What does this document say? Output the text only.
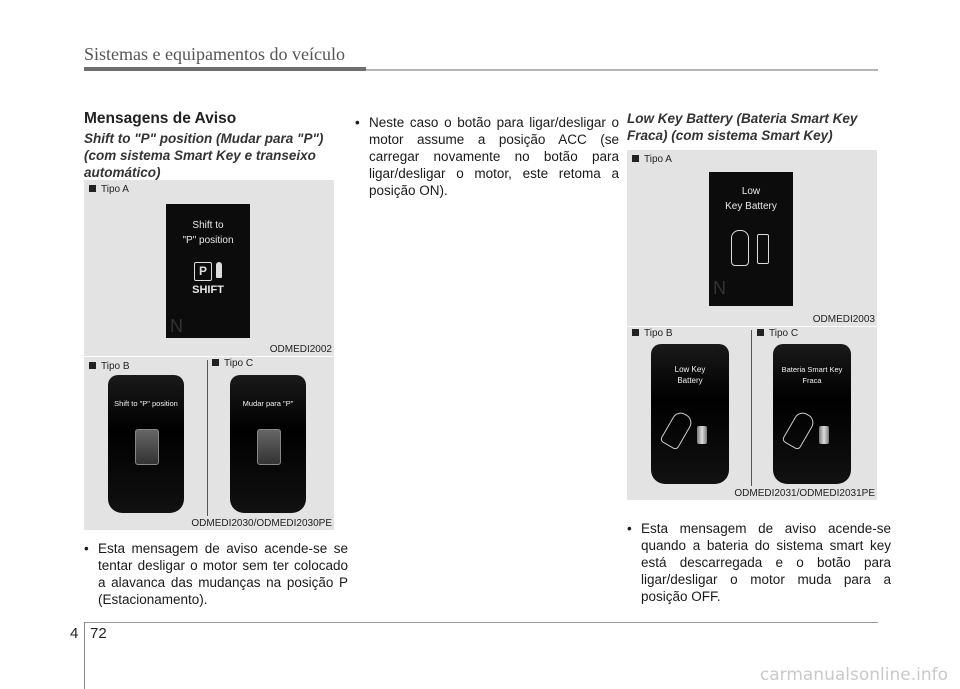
Sistemas e equipamentos do veículo
Mensagens de Aviso
Shift to "P" position (Mudar para "P") (com sistema Smart Key e transeixo automático)
Tipo A
Shift to
"P" position
P
SHIFT
N
ODMEDI2002
Tipo B	Tipo C
Shift to "P" position	Mudar para "P"
ODMEDI2030/ODMEDI2030PE
• Esta mensagem de aviso acende-se se tentar desligar o motor sem ter colocado a alavanca das mudanças na posição P (Estacionamento).
• Neste caso o botão para ligar/desligar o motor assume a posição ACC (se carregar novamente no botão para ligar/desligar o motor, este retoma a posição ON).
Low Key Battery (Bateria Smart Key Fraca) (com sistema Smart Key)
Tipo A
Low
Key Battery
N
ODMEDI2003
Tipo B	Tipo C
Low Key
Battery
Bateria Smart Key
Fraca
ODMEDI2031/ODMEDI2031PE
• Esta mensagem de aviso acende-se quando a bateria do sistema smart key está descarregada e o botão para ligar/desligar o motor muda para a posição OFF.
4 72
carmanualsonline.info
